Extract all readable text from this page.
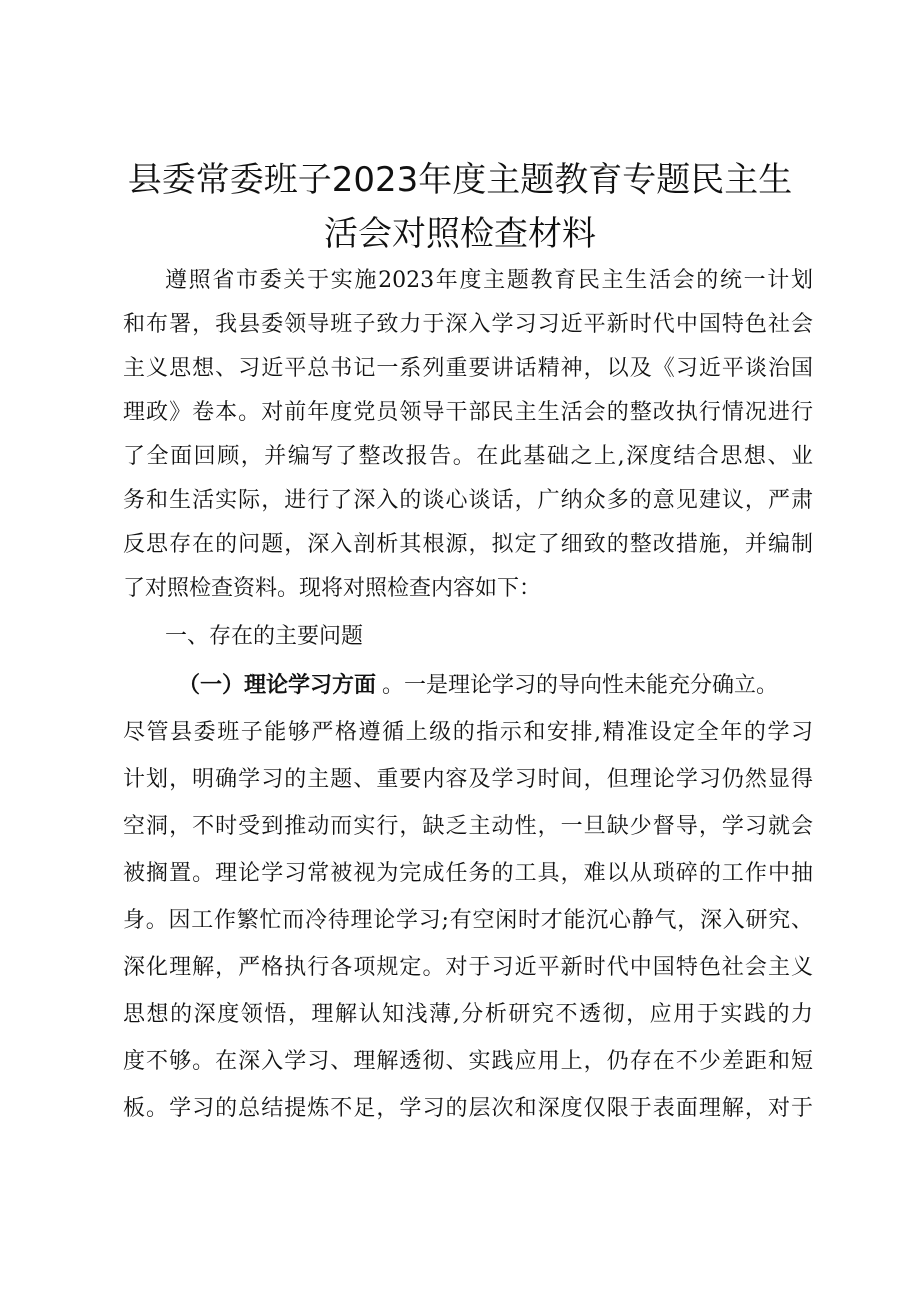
县委常委班子2023年度主题教育专题民主生
活会对照检查材料
遵照省市委关于实施2023年度主题教育民主生活会的统一计划
和布署，我县委领导班子致力于深入学习习近平新时代中国特色社会
主义思想、习近平总书记一系列重要讲话精神，以及《习近平谈治国
理政》卷本。对前年度党员领导干部民主生活会的整改执行情况进行
了全面回顾，并编写了整改报告。在此基础之上,深度结合思想、业
务和生活实际，进行了深入的谈心谈话，广纳众多的意见建议，严肃
反思存在的问题，深入剖析其根源，拟定了细致的整改措施，并编制
了对照检查资料。现将对照检查内容如下：
一、存在的主要问题
（一）理论学习方面 。一是理论学习的导向性未能充分确立。
尽管县委班子能够严格遵循上级的指示和安排,精准设定全年的学习
计划，明确学习的主题、重要内容及学习时间，但理论学习仍然显得
空洞，不时受到推动而实行，缺乏主动性，一旦缺少督导，学习就会
被搁置。理论学习常被视为完成任务的工具，难以从琐碎的工作中抽
身。因工作繁忙而冷待理论学习;有空闲时才能沉心静气，深入研究、
深化理解，严格执行各项规定。对于习近平新时代中国特色社会主义
思想的深度领悟，理解认知浅薄,分析研究不透彻，应用于实践的力
度不够。在深入学习、理解透彻、实践应用上，仍存在不少差距和短
板。学习的总结提炼不足，学习的层次和深度仅限于表面理解，对于
